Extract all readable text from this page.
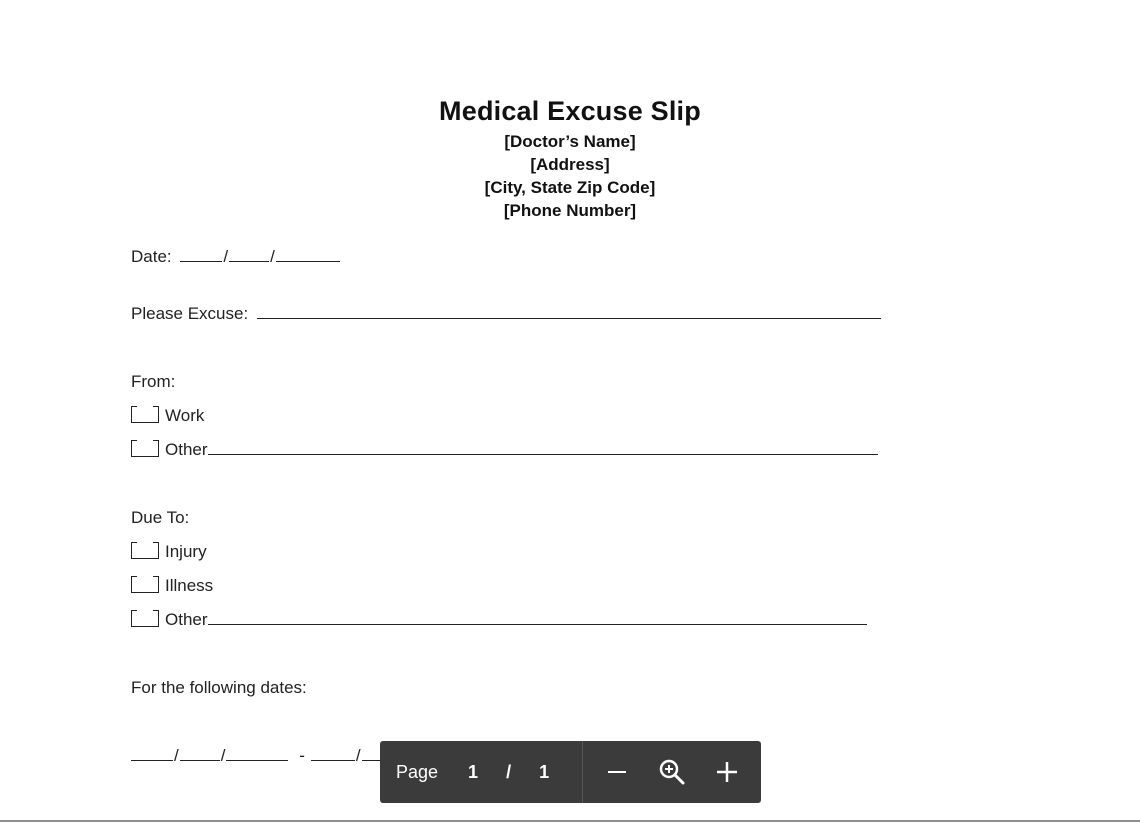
Medical Excuse Slip
[Doctor’s Name]
[Address]
[City, State Zip Code]
[Phone Number]
Date:	/ /
Please Excuse:
From:
Work
Other
Due To:
Injury
Illness
Other
For the following dates:
/ /	-	/
Page 1 / 1
